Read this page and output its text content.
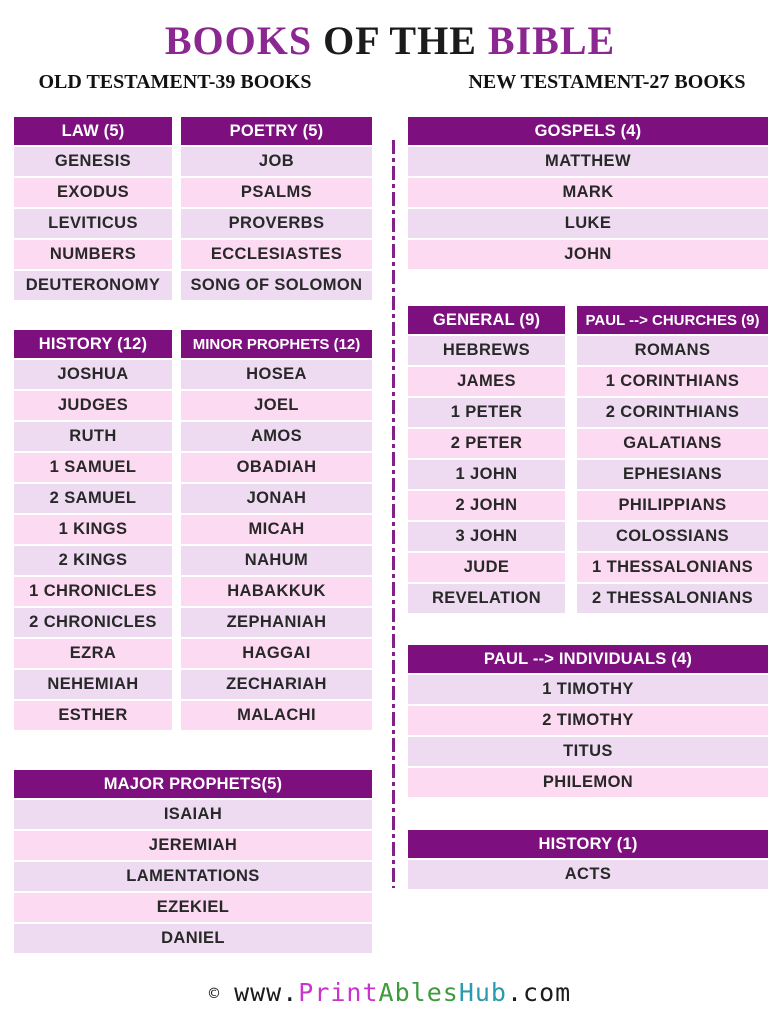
BOOKS OF THE BIBLE
OLD TESTAMENT-39 BOOKS	NEW TESTAMENT-27 BOOKS
LAW (5)
GENESIS
EXODUS
LEVITICUS
NUMBERS
DEUTERONOMY
POETRY (5)
JOB
PSALMS
PROVERBS
ECCLESIASTES
SONG OF SOLOMON
HISTORY (12)
JOSHUA
JUDGES
RUTH
1 SAMUEL
2 SAMUEL
1 KINGS
2 KINGS
1 CHRONICLES
2 CHRONICLES
EZRA
NEHEMIAH
ESTHER
MINOR PROPHETS (12)
HOSEA
JOEL
AMOS
OBADIAH
JONAH
MICAH
NAHUM
HABAKKUK
ZEPHANIAH
HAGGAI
ZECHARIAH
MALACHI
MAJOR PROPHETS(5)
ISAIAH
JEREMIAH
LAMENTATIONS
EZEKIEL
DANIEL
GOSPELS (4)
MATTHEW
MARK
LUKE
JOHN
GENERAL (9)
HEBREWS
JAMES
1 PETER
2 PETER
1 JOHN
2 JOHN
3 JOHN
JUDE
REVELATION
PAUL --> CHURCHES (9)
ROMANS
1 CORINTHIANS
2 CORINTHIANS
GALATIANS
EPHESIANS
PHILIPPIANS
COLOSSIANS
1 THESSALONIANS
2 THESSALONIANS
PAUL --> INDIVIDUALS (4)
1 TIMOTHY
2 TIMOTHY
TITUS
PHILEMON
HISTORY (1)
ACTS
© www.PrintAblesHub.com
